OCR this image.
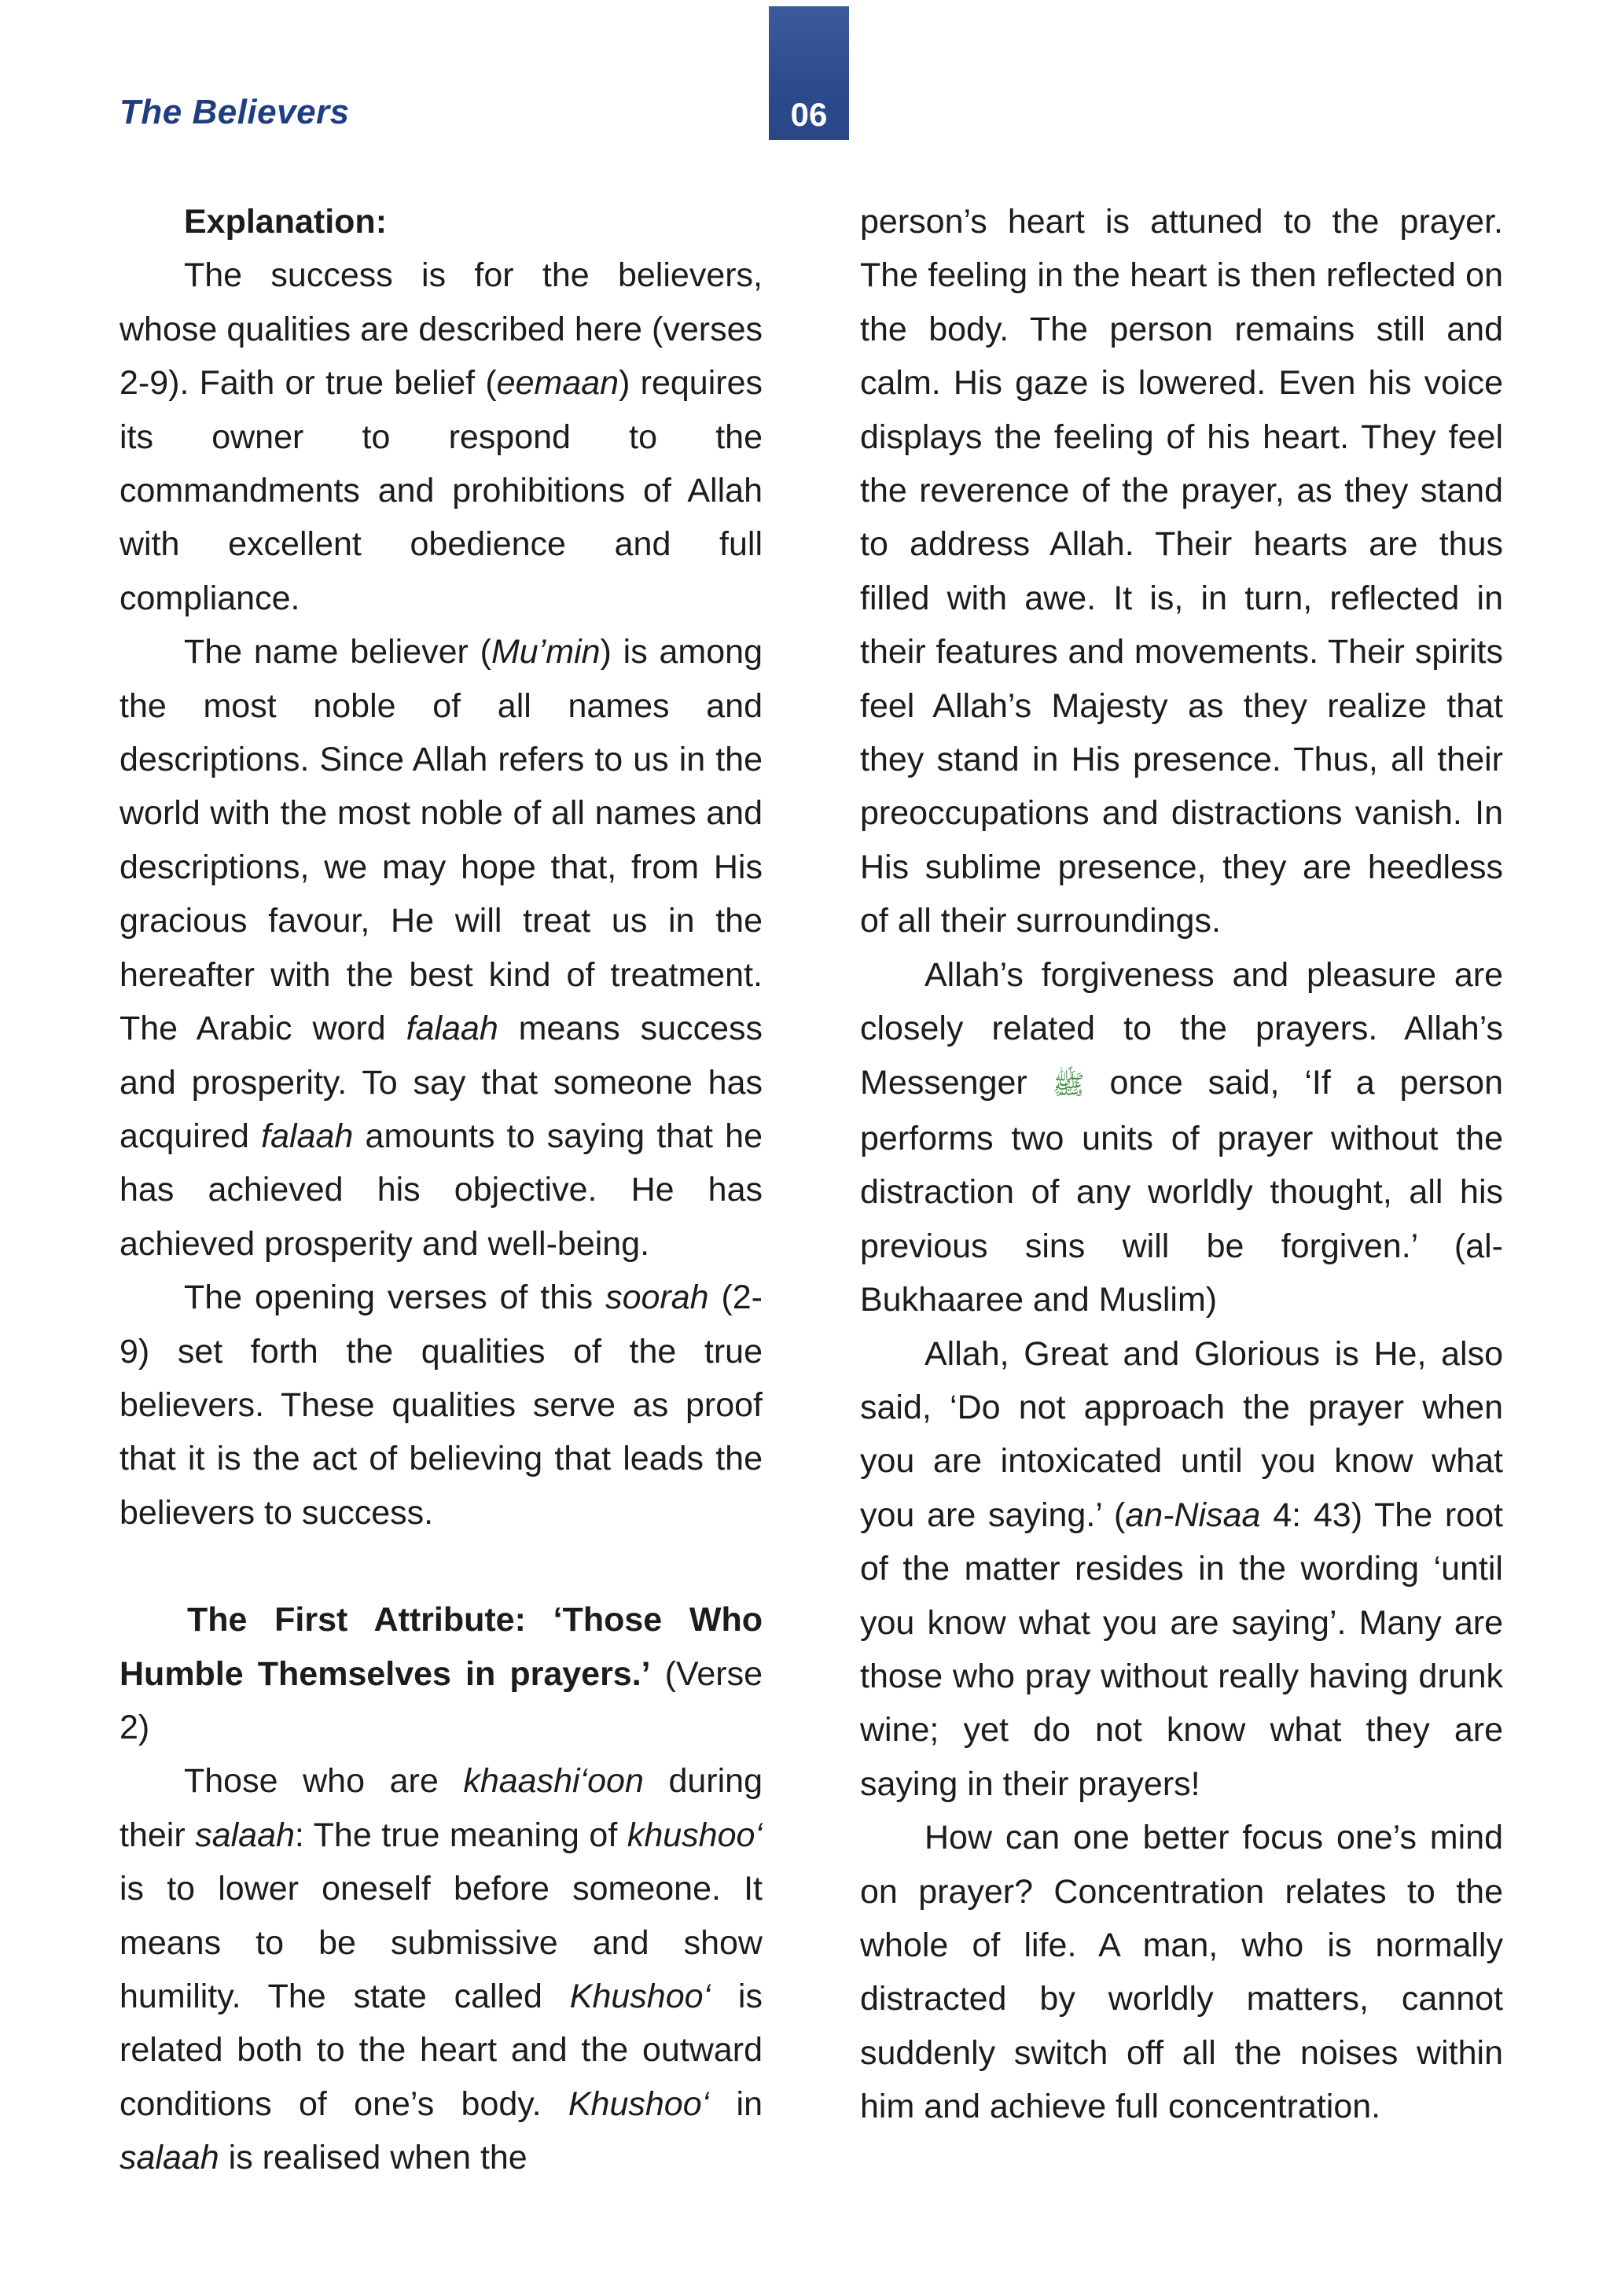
The Believers	06

Explanation:

The success is for the believers, whose qualities are described here (verses 2-9). Faith or true belief (eemaan) requires its owner to respond to the commandments and prohibitions of Allah with excellent obedience and full compliance.

The name believer (Mu’min) is among the most noble of all names and descriptions. Since Allah refers to us in the world with the most noble of all names and descriptions, we may hope that, from His gracious favour, He will treat us in the hereafter with the best kind of treatment. The Arabic word falaah means success and prosperity. To say that someone has acquired falaah amounts to saying that he has achieved his objective. He has achieved prosperity and well-being.

The opening verses of this soorah (2-9) set forth the qualities of the true believers. These qualities serve as proof that it is the act of believing that leads the believers to success.

The First Attribute: ‘Those Who Humble Themselves in prayers.’ (Verse 2)

Those who are khaashi‘oon during their salaah: The true meaning of khushoo‘ is to lower oneself before someone. It means to be submissive and show humility. The state called Khushoo‘ is related both to the heart and the outward conditions of one’s body. Khushoo‘ in salaah is realised when the

person’s heart is attuned to the prayer. The feeling in the heart is then reflected on the body. The person remains still and calm. His gaze is lowered. Even his voice displays the feeling of his heart. They feel the reverence of the prayer, as they stand to address Allah. Their hearts are thus filled with awe. It is, in turn, reflected in their features and movements. Their spirits feel Allah’s Majesty as they realize that they stand in His presence. Thus, all their preoccupations and distractions vanish. In His sublime presence, they are heedless of all their surroundings.

Allah’s forgiveness and pleasure are closely related to the prayers. Allah’s Messenger ﷺ once said, ‘If a person performs two units of prayer without the distraction of any worldly thought, all his previous sins will be forgiven.’ (al-Bukhaaree and Muslim)

Allah, Great and Glorious is He, also said, ‘Do not approach the prayer when you are intoxicated until you know what you are saying.’ (an-Nisaa 4: 43) The root of the matter resides in the wording ‘until you know what you are saying’. Many are those who pray without really having drunk wine; yet do not know what they are saying in their prayers!

How can one better focus one’s mind on prayer? Concentration relates to the whole of life. A man, who is normally distracted by worldly matters, cannot suddenly switch off all the noises within him and achieve full concentration.
